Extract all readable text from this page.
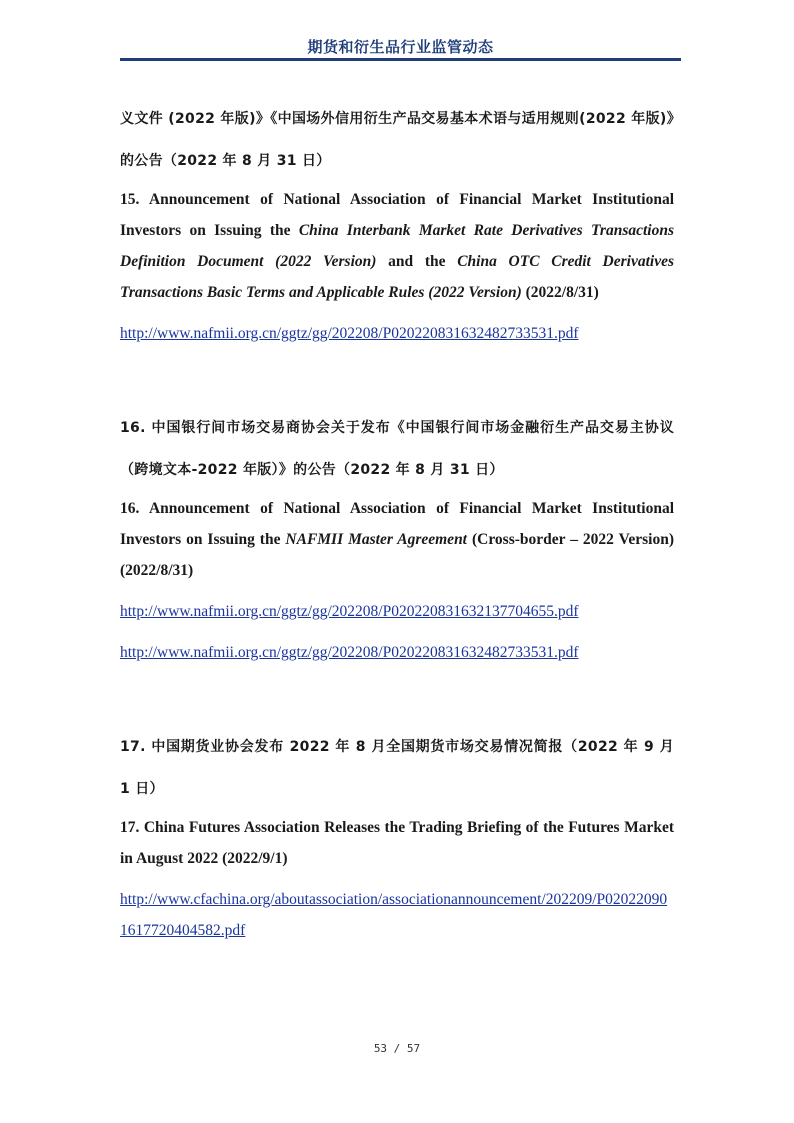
期货和衍生品行业监管动态

义文件 (2022 年版)》《中国场外信用衍生产品交易基本术语与适用规则(2022 年版)》的公告（2022 年 8 月 31 日）

15. Announcement of National Association of Financial Market Institutional Investors on Issuing the China Interbank Market Rate Derivatives Transactions Definition Document (2022 Version) and the China OTC Credit Derivatives Transactions Basic Terms and Applicable Rules (2022 Version) (2022/8/31)

http://www.nafmii.org.cn/ggtz/gg/202208/P020220831632482733531.pdf

16. 中国银行间市场交易商协会关于发布《中国银行间市场金融衍生产品交易主协议（跨境文本-2022 年版）》的公告（2022 年 8 月 31 日）

16. Announcement of National Association of Financial Market Institutional Investors on Issuing the NAFMII Master Agreement (Cross-border – 2022 Version) (2022/8/31)

http://www.nafmii.org.cn/ggtz/gg/202208/P020220831632137704655.pdf
http://www.nafmii.org.cn/ggtz/gg/202208/P020220831632482733531.pdf

17. 中国期货业协会发布 2022 年 8 月全国期货市场交易情况简报（2022 年 9 月 1 日）

17. China Futures Association Releases the Trading Briefing of the Futures Market in August 2022 (2022/9/1)

http://www.cfachina.org/aboutassociation/associationannouncement/202209/P020220901617720404582.pdf
53 / 57
